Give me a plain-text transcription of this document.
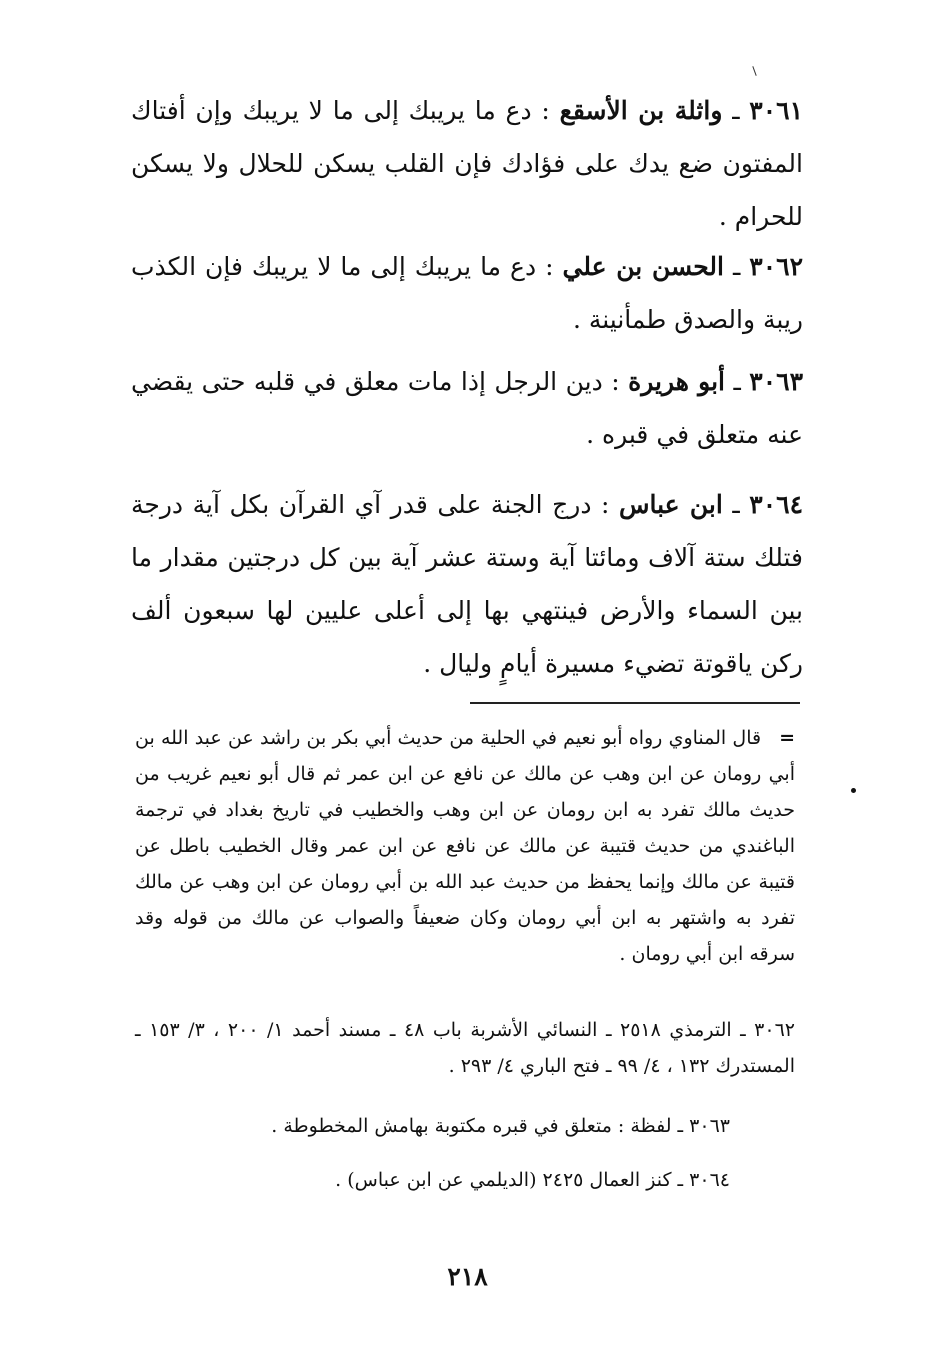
٣٠٦١ ـ واثلة بن الأسقع : دع ما يريبك إلى ما لا يريبك وإن أفتاك المفتون ضع يدك على فؤادك فإن القلب يسكن للحلال ولا يسكن للحرام .
٣٠٦٢ ـ الحسن بن علي : دع ما يريبك إلى ما لا يريبك فإن الكذب ريبة والصدق طمأنينة .
٣٠٦٣ ـ أبو هريرة : دين الرجل إذا مات معلق في قلبه حتى يقضي عنه متعلق في قبره .
٣٠٦٤ ـ ابن عباس : درج الجنة على قدر آي القرآن بكل آية درجة فتلك ستة آلاف ومائتا آية وستة عشر آية بين كل درجتين مقدار ما بين السماء والأرض فينتهي بها إلى أعلى عليين لها سبعون ألف ركن ياقوتة تضيء مسيرة أيامٍ وليال .
=قال المناوي رواه أبو نعيم في الحلية من حديث أبي بكر بن راشد عن عبد الله بن أبي رومان عن ابن وهب عن مالك عن نافع عن ابن عمر ثم قال أبو نعيم غريب من حديث مالك تفرد به ابن رومان عن ابن وهب والخطيب في تاريخ بغداد في ترجمة الباغندي من حديث قتيبة عن مالك عن نافع عن ابن عمر وقال الخطيب باطل عن قتيبة عن مالك وإنما يحفظ من حديث عبد الله بن أبي رومان عن ابن وهب عن مالك تفرد به واشتهر به ابن أبي رومان وكان ضعيفاً والصواب عن مالك من قوله وقد سرقه ابن أبي رومان .
٣٠٦٢ ـ الترمذي ٢٥١٨ ـ النسائي الأشربة باب ٤٨ ـ مسند أحمد ١/ ٢٠٠ ، ٣/ ١٥٣ ـ المستدرك ١٣٢ ، ٤/ ٩٩ ـ فتح الباري ٤/ ٢٩٣ .
٣٠٦٣ ـ لفظة : متعلق في قبره مكتوبة بهامش المخطوطة .
٣٠٦٤ ـ كنز العمال ٢٤٢٥ (الديلمي عن ابن عباس) .
٢١٨
